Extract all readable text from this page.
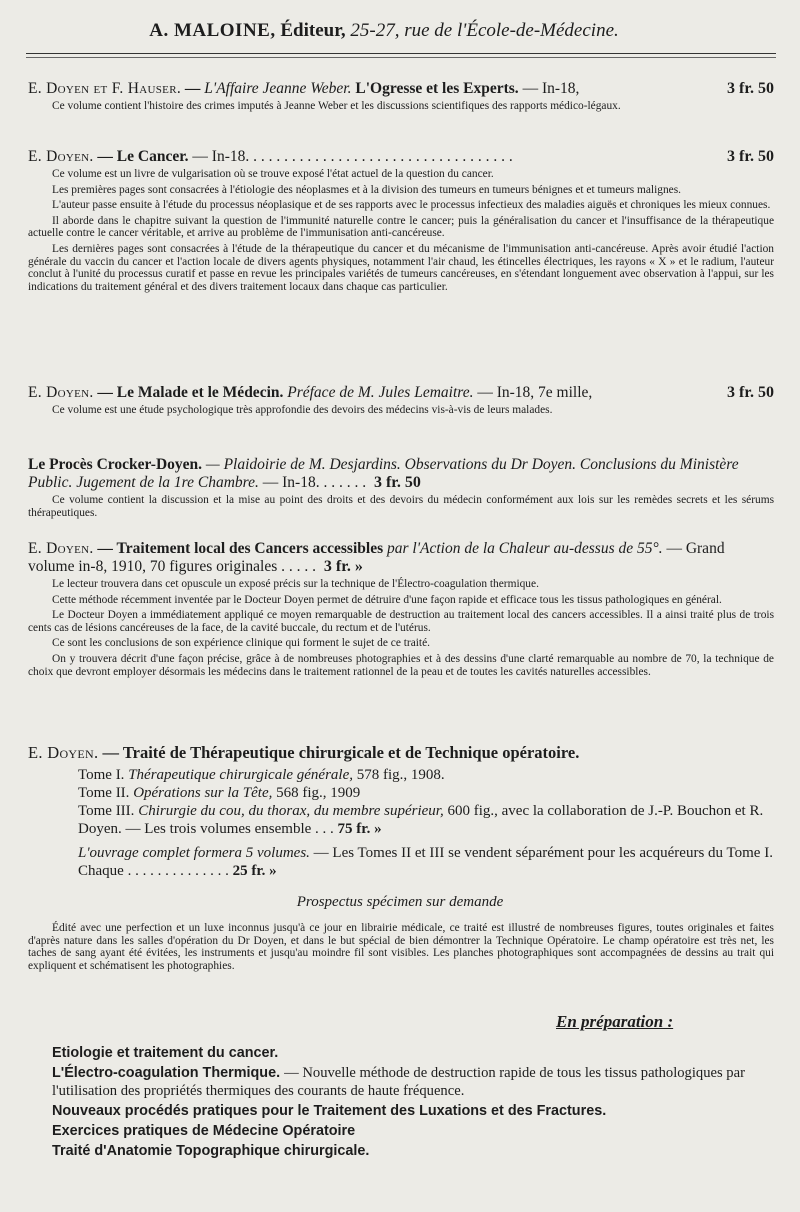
A. MALOINE, Éditeur, 25-27, rue de l'École-de-Médecine.

3 fr. 50
E. Doyen et F. Hauser. — L'Affaire Jeanne Weber. L'Ogresse et les Experts. — In-18,

Ce volume contient l'histoire des crimes imputés à Jeanne Weber et les discussions scientifiques des rapports médico-légaux.

3 fr. 50
E. Doyen. — Le Cancer. — In-18. . . . . . . . . . . . . . . . . . . . . . . . . . . . . . . . . . .

Ce volume est un livre de vulgarisation où se trouve exposé l'état actuel de la question du cancer.

Les premières pages sont consacrées à l'étiologie des néoplasmes et à la division des tumeurs en tumeurs bénignes et et tumeurs malignes.

L'auteur passe ensuite à l'étude du processus néoplasique et de ses rapports avec le processus infectieux des maladies aiguës et chroniques les mieux connues.

Il aborde dans le chapitre suivant la question de l'immunité naturelle contre le cancer; puis la généralisation du cancer et l'insuffisance de la thérapeutique actuelle contre le cancer véritable, et arrive au problème de l'immunisation anti-cancéreuse.

Les dernières pages sont consacrées à l'étude de la thérapeutique du cancer et du mécanisme de l'immunisation anti-cancéreuse. Après avoir étudié l'action générale du vaccin du cancer et l'action locale de divers agents physiques, notamment l'air chaud, les étincelles électriques, les rayons « X » et le radium, l'auteur conclut à l'unité du processus curatif et passe en revue les principales variétés de tumeurs cancéreuses, en s'étendant longuement avec observation à l'appui, sur les indications du traitement général et des divers traitement locaux dans chaque cas particulier.

3 fr. 50
E. Doyen. — Le Malade et le Médecin. Préface de M. Jules Lemaitre. — In-18, 7e mille,

Ce volume est une étude psychologique très approfondie des devoirs des médecins vis-à-vis de leurs malades.

Le Procès Crocker-Doyen. — Plaidoirie de M. Desjardins. Observations du Dr Doyen. Conclusions du Ministère Public. Jugement de la 1re Chambre. — In-18. . . . . . . 3 fr. 50

Ce volume contient la discussion et la mise au point des droits et des devoirs du médecin conformément aux lois sur les remèdes secrets et les sérums thérapeutiques.

E. Doyen. — Traitement local des Cancers accessibles par l'Action de la Chaleur au-dessus de 55°. — Grand volume in-8, 1910, 70 figures originales . . . . . 3 fr. »

Le lecteur trouvera dans cet opuscule un exposé précis sur la technique de l'Électro-coagulation thermique.

Cette méthode récemment inventée par le Docteur Doyen permet de détruire d'une façon rapide et efficace tous les tissus pathologiques en général.

Le Docteur Doyen a immédiatement appliqué ce moyen remarquable de destruction au traitement local des cancers accessibles. Il a ainsi traité plus de trois cents cas de lésions cancéreuses de la face, de la cavité buccale, du rectum et de l'utérus.

Ce sont les conclusions de son expérience clinique qui forment le sujet de ce traité.

On y trouvera décrit d'une façon précise, grâce à de nombreuses photographies et à des dessins d'une clarté remarquable au nombre de 70, la technique de choix que devront employer désormais les médecins dans le traitement rationnel de la peau et de toutes les cavités naturelles accessibles.

E. Doyen. — Traité de Thérapeutique chirurgicale et de Technique opératoire.

Tome I. Thérapeutique chirurgicale générale, 578 fig., 1908.

Tome II. Opérations sur la Tête, 568 fig., 1909

Tome III. Chirurgie du cou, du thorax, du membre supérieur, 600 fig., avec la collaboration de J.-P. Bouchon et R. Doyen. — Les trois volumes ensemble . . . 75 fr. »

L'ouvrage complet formera 5 volumes. — Les Tomes II et III se vendent séparément pour les acquéreurs du Tome I. Chaque . . . . . . . . . . . . . . 25 fr. »

Prospectus spécimen sur demande

Édité avec une perfection et un luxe inconnus jusqu'à ce jour en librairie médicale, ce traité est illustré de nombreuses figures, toutes originales et faites d'après nature dans les salles d'opération du Dr Doyen, et dans le but spécial de bien démontrer la Technique Opératoire. Le champ opératoire est très net, les taches de sang ayant été évitées, les instruments et jusqu'au moindre fil sont visibles. Les planches photographiques sont accompagnées de dessins au trait qui expliquent et schématisent les photographies.

En préparation :

Etiologie et traitement du cancer.

L'Électro-coagulation Thermique. — Nouvelle méthode de destruction rapide de tous les tissus pathologiques par l'utilisation des propriétés thermiques des courants de haute fréquence.

Nouveaux procédés pratiques pour le Traitement des Luxations et des Fractures.

Exercices pratiques de Médecine Opératoire

Traité d'Anatomie Topographique chirurgicale.
